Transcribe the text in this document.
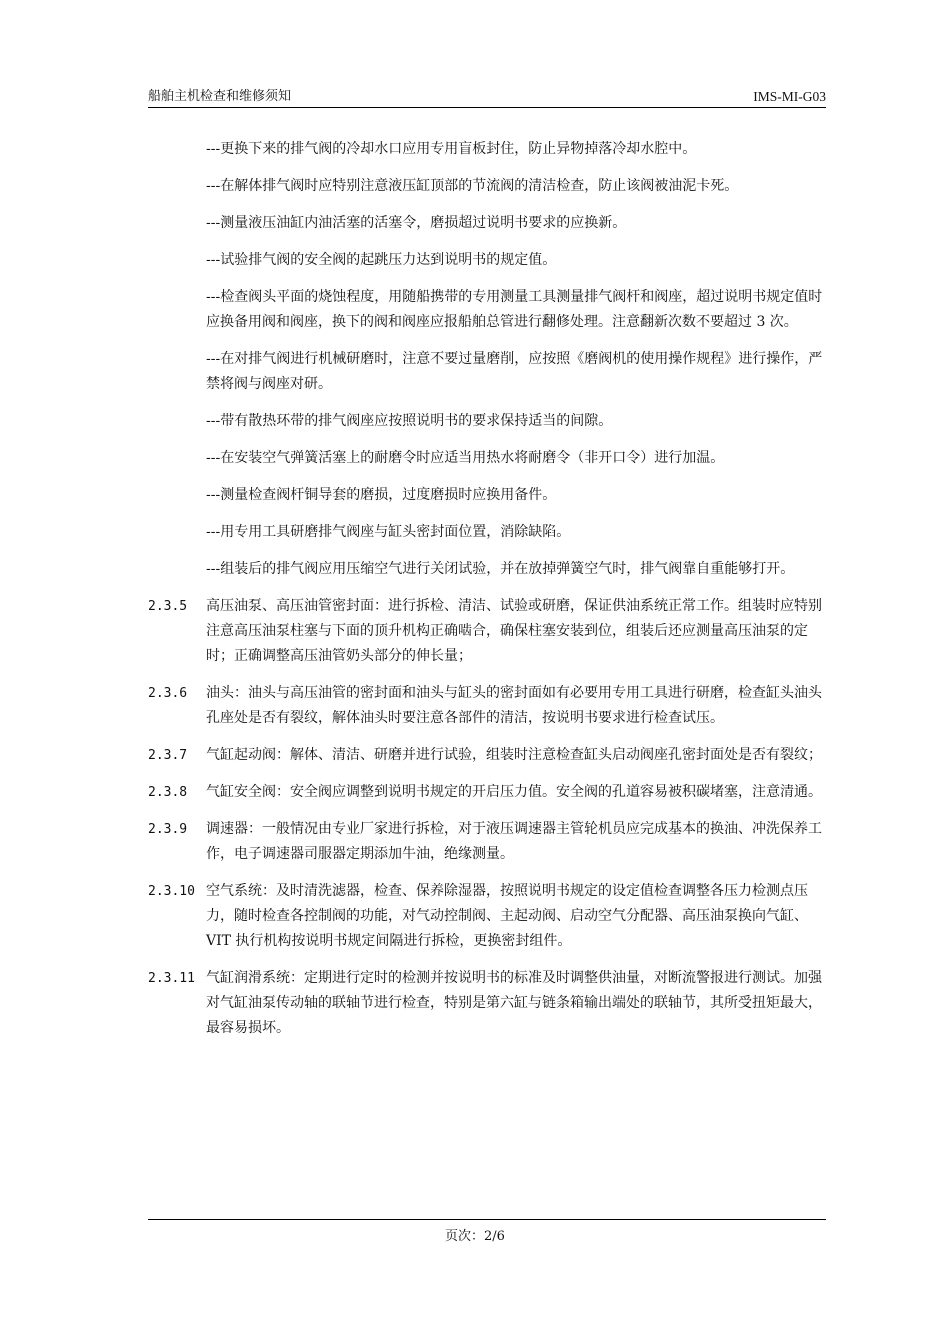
船舶主机检查和维修须知	IMS-MI-G03

---更换下来的排气阀的冷却水口应用专用盲板封住，防止异物掉落冷却水腔中。

---在解体排气阀时应特别注意液压缸顶部的节流阀的清洁检查，防止该阀被油泥卡死。

---测量液压油缸内油活塞的活塞令，磨损超过说明书要求的应换新。

---试验排气阀的安全阀的起跳压力达到说明书的规定值。

---检查阀头平面的烧蚀程度，用随船携带的专用测量工具测量排气阀杆和阀座，超过说明书规定值时应换备用阀和阀座，换下的阀和阀座应报船舶总管进行翻修处理。注意翻新次数不要超过 3 次。

---在对排气阀进行机械研磨时，注意不要过量磨削，应按照《磨阀机的使用操作规程》进行操作，严禁将阀与阀座对研。

---带有散热环带的排气阀座应按照说明书的要求保持适当的间隙。

---在安装空气弹簧活塞上的耐磨令时应适当用热水将耐磨令（非开口令）进行加温。

---测量检查阀杆铜导套的磨损，过度磨损时应换用备件。

---用专用工具研磨排气阀座与缸头密封面位置，消除缺陷。

---组装后的排气阀应用压缩空气进行关闭试验，并在放掉弹簧空气时，排气阀靠自重能够打开。

2.3.5	高压油泵、高压油管密封面：进行拆检、清洁、试验或研磨，保证供油系统正常工作。组装时应特别注意高压油泵柱塞与下面的顶升机构正确啮合，确保柱塞安装到位，组装后还应测量高压油泵的定时；正确调整高压油管奶头部分的伸长量；
2.3.6	油头：油头与高压油管的密封面和油头与缸头的密封面如有必要用专用工具进行研磨，检查缸头油头孔座处是否有裂纹，解体油头时要注意各部件的清洁，按说明书要求进行检查试压。
2.3.7	气缸起动阀：解体、清洁、研磨并进行试验，组装时注意检查缸头启动阀座孔密封面处是否有裂纹；
2.3.8	气缸安全阀：安全阀应调整到说明书规定的开启压力值。安全阀的孔道容易被积碳堵塞，注意清通。
2.3.9	调速器：一般情况由专业厂家进行拆检，对于液压调速器主管轮机员应完成基本的换油、冲洗保养工作，电子调速器司服器定期添加牛油，绝缘测量。
2.3.10 空气系统：及时清洗滤器，检查、保养除湿器，按照说明书规定的设定值检查调整各压力检测点压力，随时检查各控制阀的功能，对气动控制阀、主起动阀、启动空气分配器、高压油泵换向气缸、VIT 执行机构按说明书规定间隔进行拆检，更换密封组件。
2.3.11 气缸润滑系统：定期进行定时的检测并按说明书的标准及时调整供油量，对断流警报进行测试。加强对气缸油泵传动轴的联轴节进行检查，特别是第六缸与链条箱输出端处的联轴节，其所受扭矩最大，最容易损坏。
页次：2/6
